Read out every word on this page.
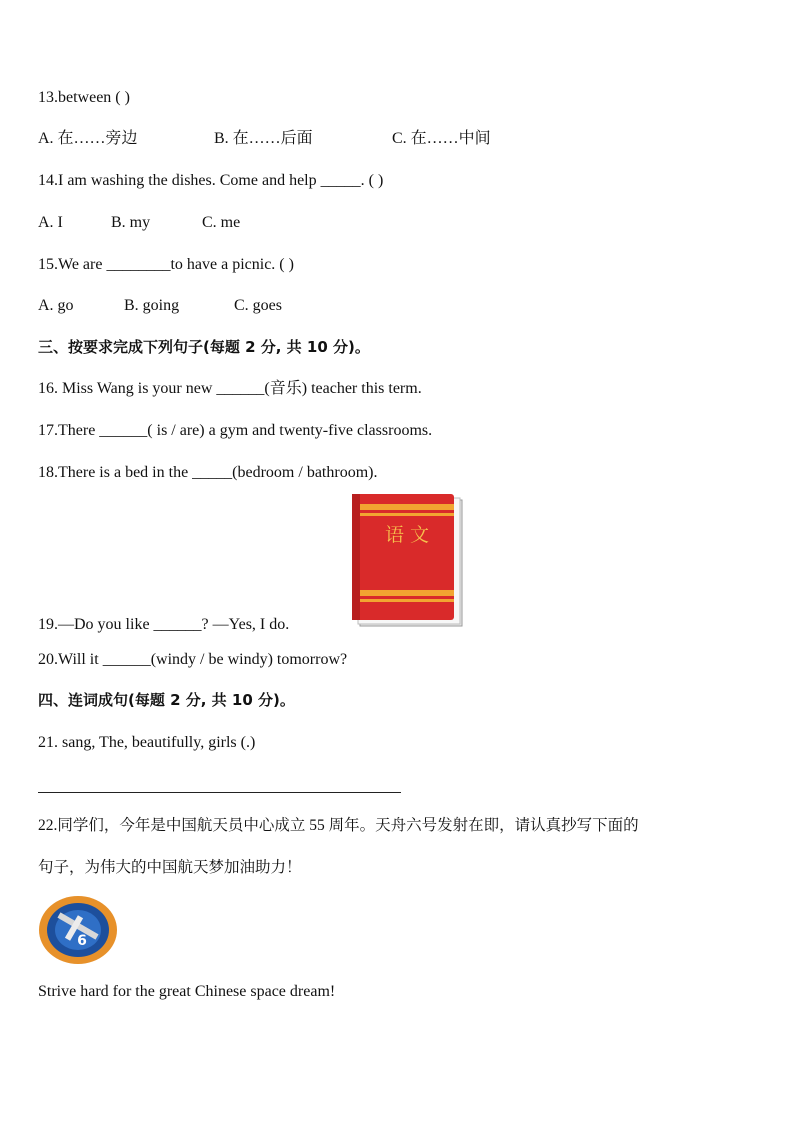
13.between ( )
A. 在……旁边	B. 在……后面	C. 在……中间
14.I am washing the dishes. Come and help _____. ( )
A. I	B. my	C. me
15.We are ________to have a picnic. ( )
A. go	B. going	C. goes
三、按要求完成下列句子(每题 2 分, 共 10 分)。
16. Miss Wang is your new ______(音乐) teacher this term.
17.There ______( is / are) a gym and twenty-five classrooms.
18.There is a bed in the _____(bedroom / bathroom).
语 文
19.—Do you like ______? —Yes, I do.
20.Will it ______(windy / be windy) tomorrow?
四、连词成句(每题 2 分, 共 10 分)。
21. sang, The, beautifully, girls (.)
22.同学们，今年是中国航天员中心成立 55 周年。天舟六号发射在即，请认真抄写下面的
句子，为伟大的中国航天梦加油助力！
6
Strive hard for the great Chinese space dream!
